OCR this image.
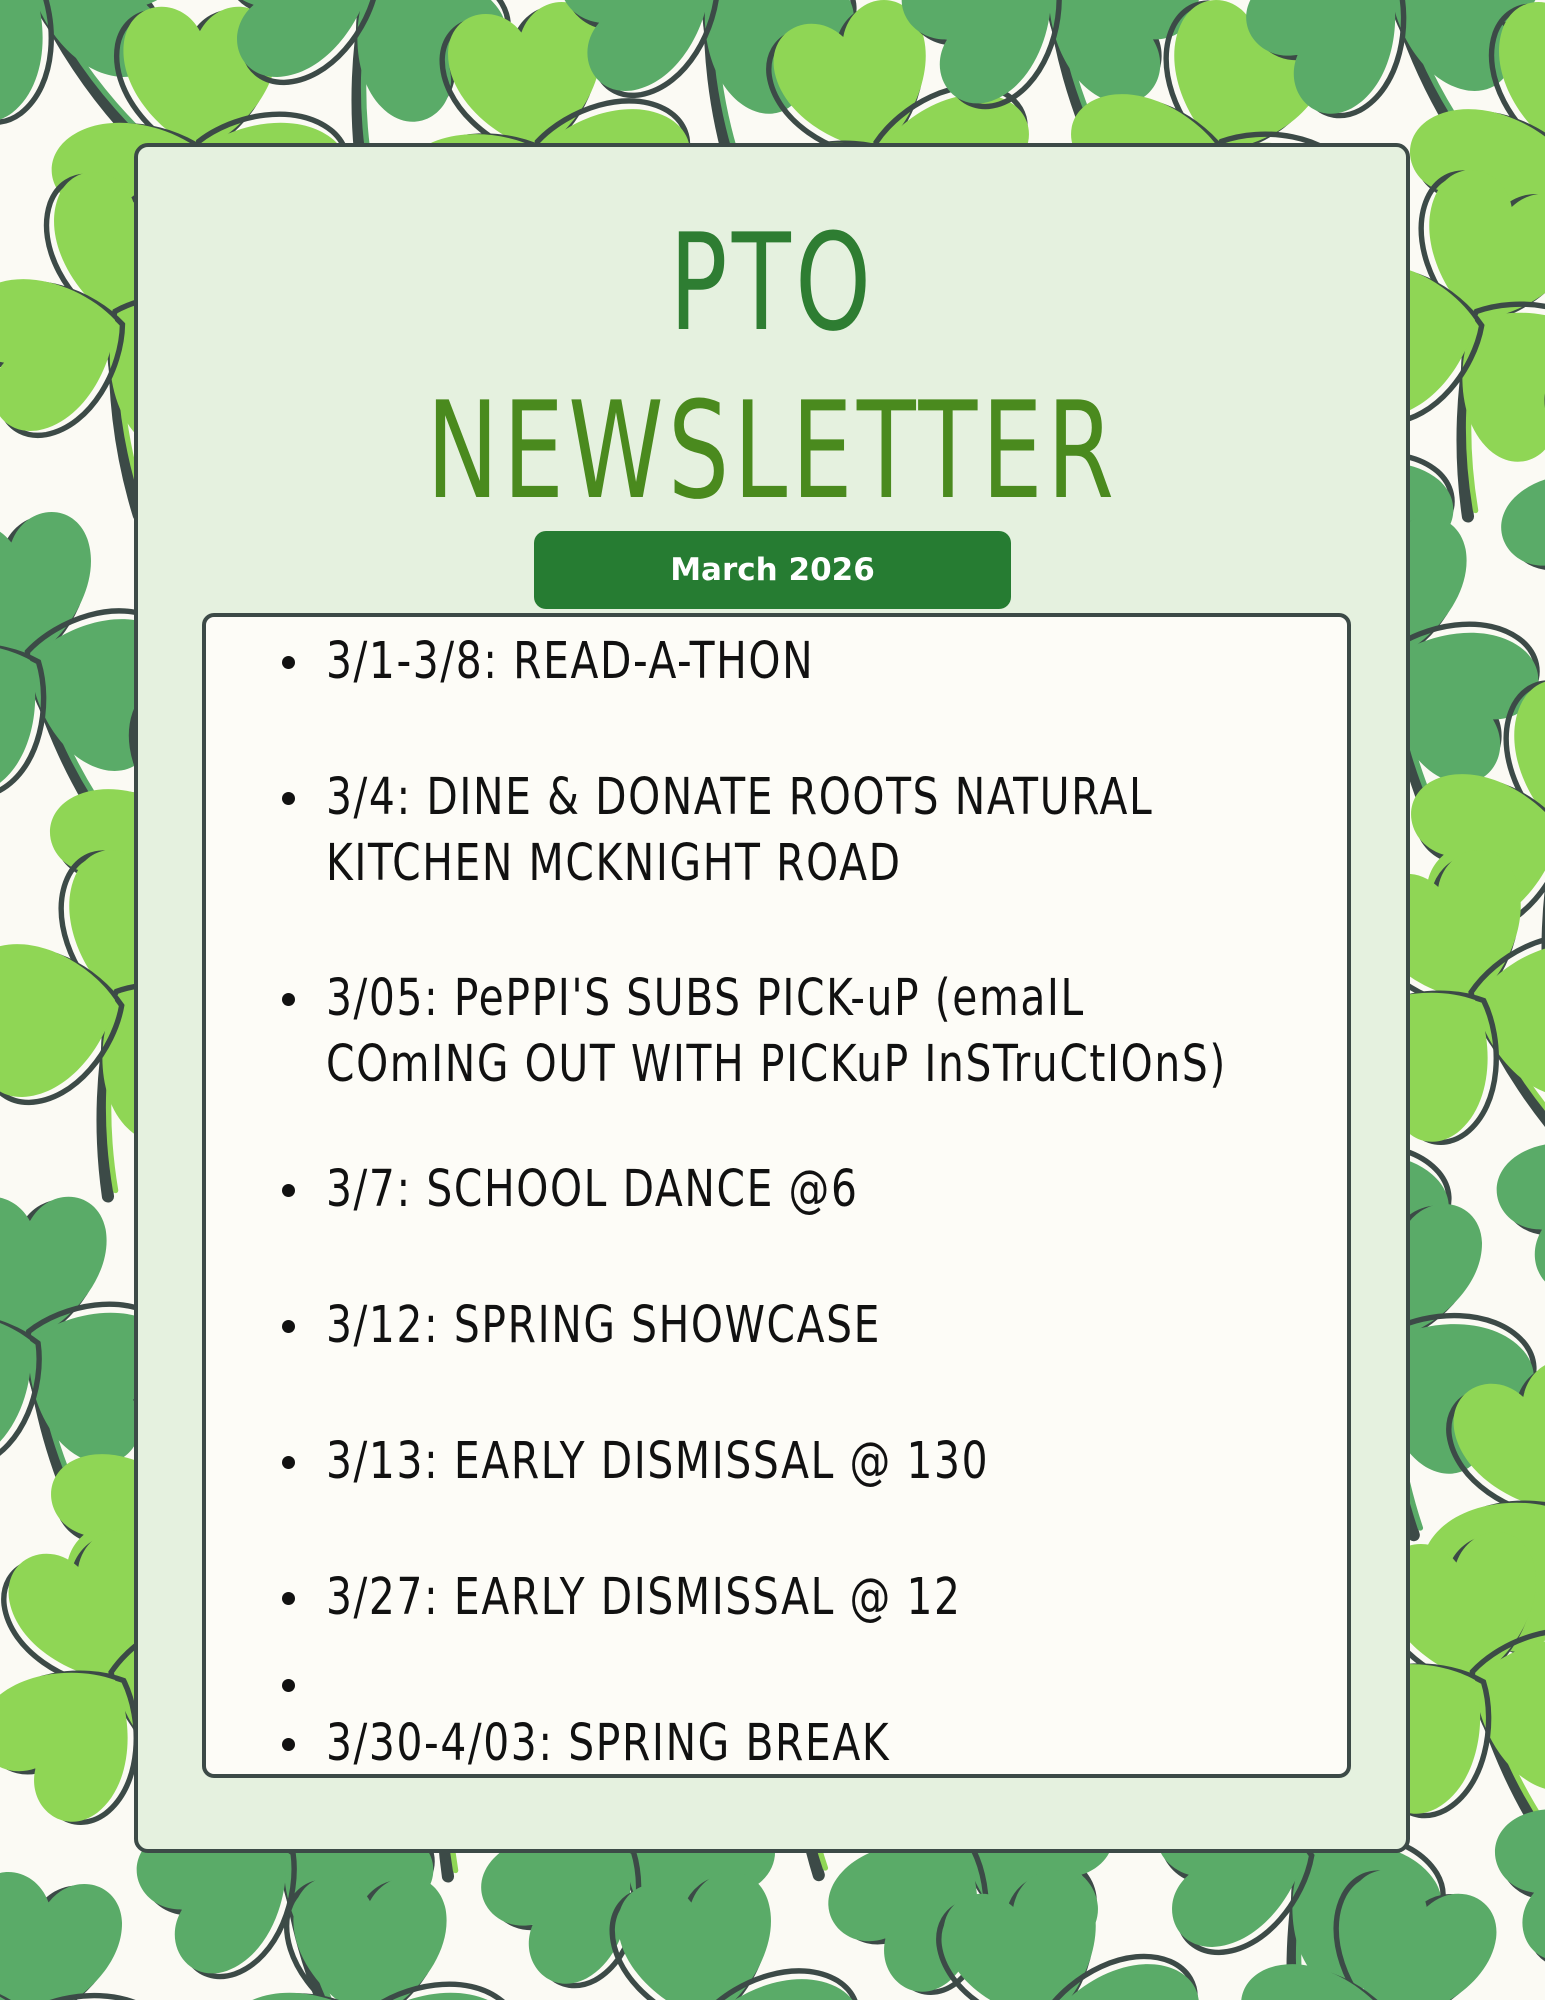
PTO
NEWSLETTER
March 2026
3/1-3/8: READ-A-THON
3/4: DINE & DONATE ROOTS NATURAL
KITCHEN MCKNIGHT ROAD
3/05: PePPI'S SUBS PICK-uP (emaIL
COmING OUT WITH PICKuP InSTruCtIOnS)
3/7: SCHOOL DANCE @6
3/12: SPRING SHOWCASE
3/13: EARLY DISMISSAL @ 130
3/27: EARLY DISMISSAL @ 12
3/30-4/03: SPRING BREAK
